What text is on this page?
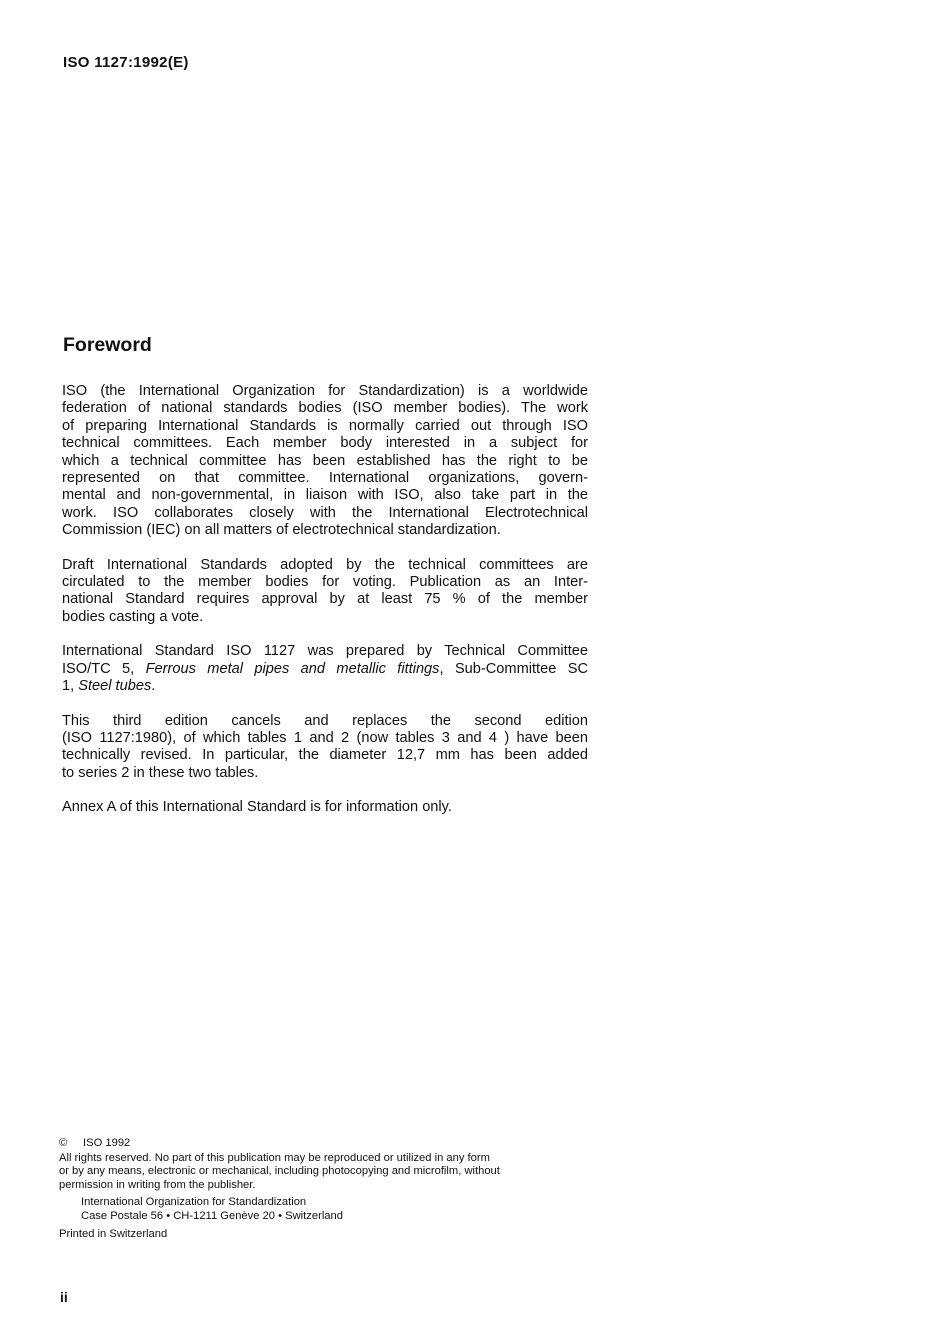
ISO 1127:1992(E)
Foreword
ISO (the International Organization for Standardization) is a worldwide
federation of national standards bodies (ISO member bodies). The work
of preparing International Standards is normally carried out through ISO
technical committees. Each member body interested in a subject for
which a technical committee has been established has the right to be
represented on that committee. International organizations, govern-
mental and non-governmental, in liaison with ISO, also take part in the
work. ISO collaborates closely with the International Electrotechnical
Commission (IEC) on all matters of electrotechnical standardization.
Draft International Standards adopted by the technical committees are
circulated to the member bodies for voting. Publication as an Inter-
national Standard requires approval by at least 75 % of the member
bodies casting a vote.
International Standard ISO 1127 was prepared by Technical Committee
ISO/TC 5, Ferrous metal pipes and metallic fittings, Sub-Committee SC
1, Steel tubes.
This third edition cancels and replaces the second edition
(ISO 1127:1980), of which tables 1 and 2 (now tables 3 and 4 ) have been
technically revised. In particular, the diameter 12,7 mm has been added
to series 2 in these two tables.
Annex A of this International Standard is for information only.
© ISO 1992
All rights reserved. No part of this publication may be reproduced or utilized in any form
or by any means, electronic or mechanical, including photocopying and microfilm, without
permission in writing from the publisher.
International Organization for Standardization
Case Postale 56 • CH-1211 Genève 20 • Switzerland
Printed in Switzerland
ii
